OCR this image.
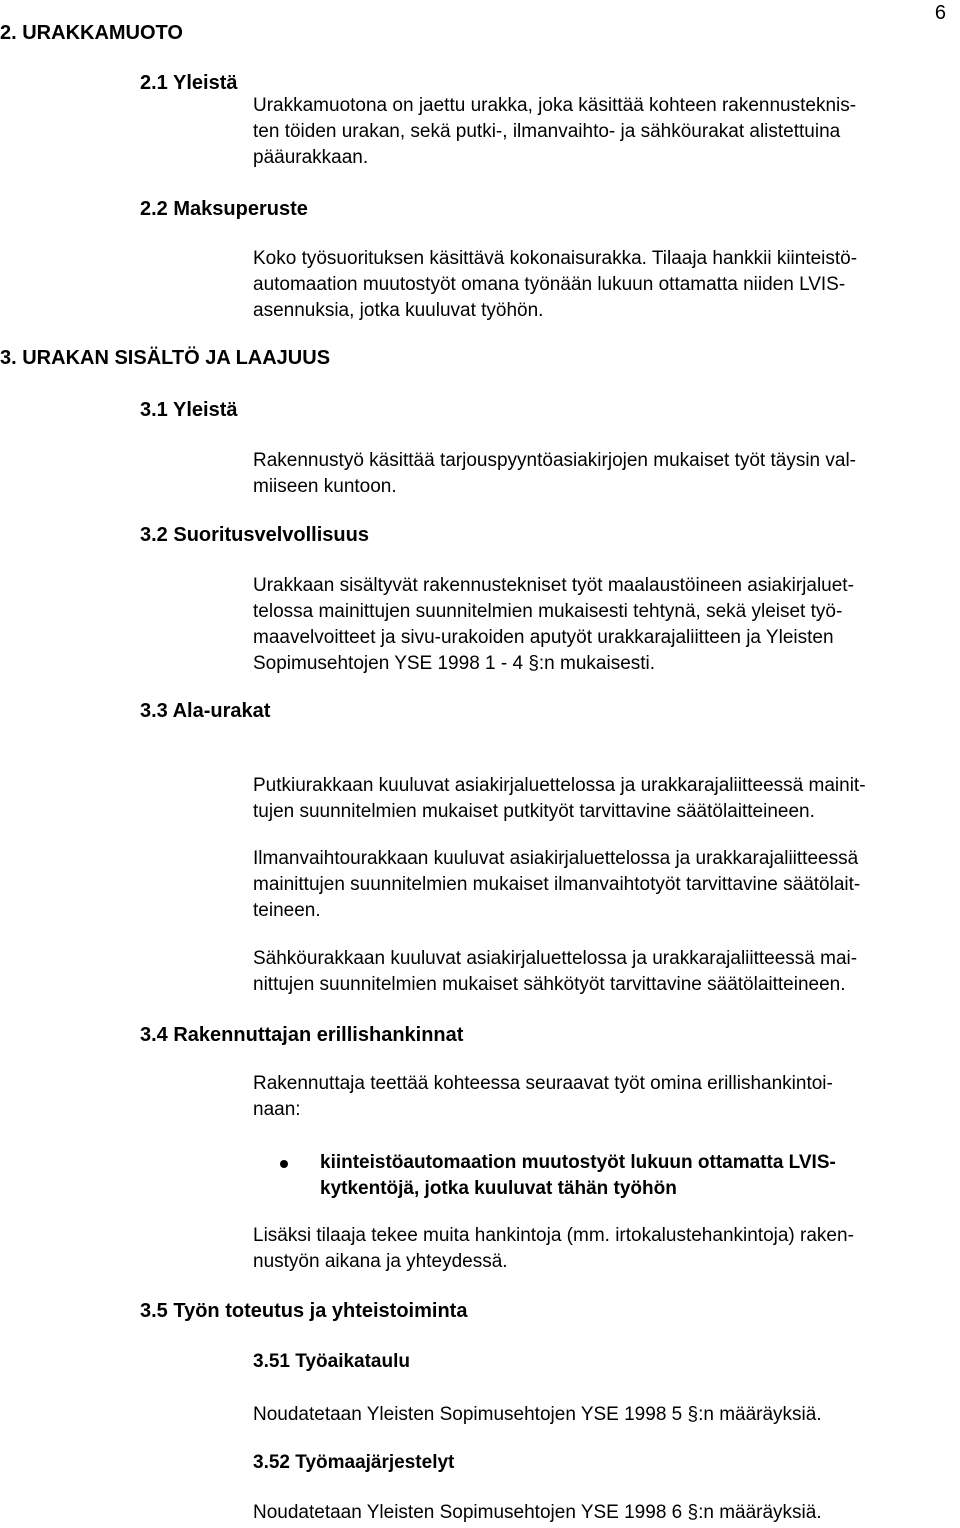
6
2. URAKKAMUOTO
2.1 Yleistä
Urakkamuotona on jaettu urakka, joka käsittää kohteen rakennusteknis-
ten töiden urakan, sekä putki-, ilmanvaihto- ja sähköurakat alistettuina
pääurakkaan.
2.2 Maksuperuste
Koko työsuorituksen käsittävä kokonaisurakka. Tilaaja hankkii kiinteistö-
automaation muutostyöt omana työnään lukuun ottamatta niiden LVIS-
asennuksia, jotka kuuluvat työhön.
3. URAKAN SISÄLTÖ JA LAAJUUS
3.1 Yleistä
Rakennustyö käsittää tarjouspyyntöasiakirjojen mukaiset työt täysin val-
miiseen kuntoon.
3.2 Suoritusvelvollisuus
Urakkaan sisältyvät rakennustekniset työt maalaustöineen asiakirjaluet-
telossa mainittujen suunnitelmien mukaisesti tehtynä, sekä yleiset työ-
maavelvoitteet ja sivu-urakoiden aputyöt urakkarajaliitteen ja Yleisten
Sopimusehtojen YSE 1998 1 - 4 §:n mukaisesti.
3.3 Ala-urakat
Putkiurakkaan kuuluvat asiakirjaluettelossa ja urakkarajaliitteessä mainit-
tujen suunnitelmien mukaiset putkityöt tarvittavine säätölaitteineen.
Ilmanvaihtourakkaan kuuluvat asiakirjaluettelossa ja urakkarajaliitteessä
mainittujen suunnitelmien mukaiset ilmanvaihtotyöt tarvittavine säätölait-
teineen.
Sähköurakkaan kuuluvat asiakirjaluettelossa ja urakkarajaliitteessä mai-
nittujen suunnitelmien mukaiset sähkötyöt tarvittavine säätölaitteineen.
3.4 Rakennuttajan erillishankinnat
Rakennuttaja teettää kohteessa seuraavat työt omina erillishankintoi-
naan:
kiinteistöautomaation muutostyöt lukuun ottamatta LVIS-
kytkentöjä, jotka kuuluvat tähän työhön
Lisäksi tilaaja tekee muita hankintoja (mm. irtokalustehankintoja) raken-
nustyön aikana ja yhteydessä.
3.5 Työn toteutus ja yhteistoiminta
3.51 Työaikataulu
Noudatetaan Yleisten Sopimusehtojen YSE 1998 5 §:n määräyksiä.
3.52 Työmaajärjestelyt
Noudatetaan Yleisten Sopimusehtojen YSE 1998 6 §:n määräyksiä.
